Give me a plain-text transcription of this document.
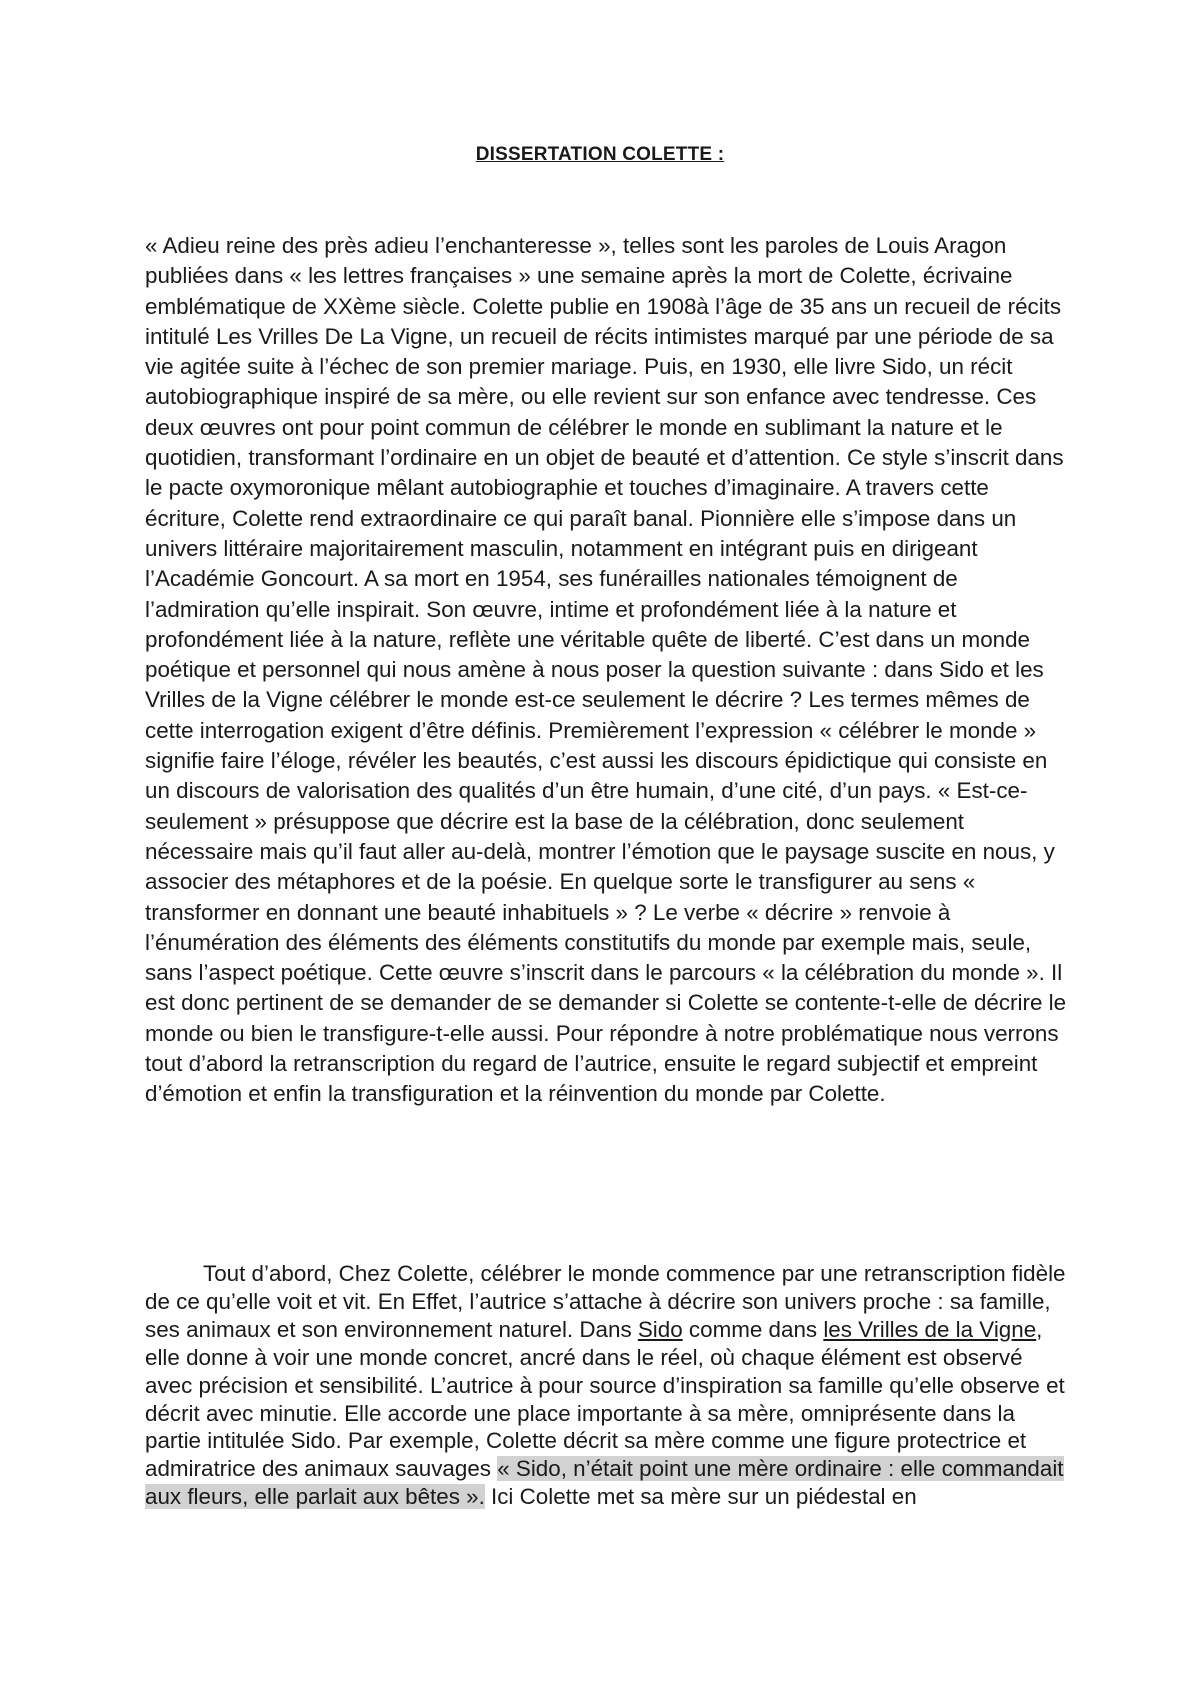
DISSERTATION COLETTE :

« Adieu reine des près adieu l’enchanteresse », telles sont les paroles de Louis Aragon publiées dans « les lettres françaises » une semaine après la mort de Colette, écrivaine emblématique de XXème siècle. Colette publie en 1908à l’âge de 35 ans un recueil de récits intitulé Les Vrilles De La Vigne, un recueil de récits intimistes marqué par une période de sa vie agitée suite à l’échec de son premier mariage. Puis, en 1930, elle livre Sido, un récit autobiographique inspiré de sa mère, ou elle revient sur son enfance avec tendresse. Ces deux œuvres ont pour point commun de célébrer le monde en sublimant la nature et le quotidien, transformant l’ordinaire en un objet de beauté et d’attention. Ce style s’inscrit dans le pacte oxymoronique mêlant autobiographie et touches d’imaginaire. A travers cette écriture, Colette rend extraordinaire ce qui paraît banal. Pionnière elle s’impose dans un univers littéraire majoritairement masculin, notamment en intégrant puis en dirigeant l’Académie Goncourt. A sa mort en 1954, ses funérailles nationales témoignent de l’admiration qu’elle inspirait. Son œuvre, intime et profondément liée à la nature et profondément liée à la nature, reflète une véritable quête de liberté. C’est dans un monde poétique et personnel qui nous amène à nous poser la question suivante : dans Sido et les Vrilles de la Vigne célébrer le monde est-ce seulement le décrire ? Les termes mêmes de cette interrogation exigent d’être définis. Premièrement l’expression « célébrer le monde » signifie faire l’éloge, révéler les beautés, c’est aussi les discours épidictique qui consiste en un discours de valorisation des qualités d’un être humain, d’une cité, d’un pays. « Est-ce-seulement » présuppose que décrire est la base de la célébration, donc seulement nécessaire mais qu’il faut aller au-delà, montrer l’émotion que le paysage suscite en nous, y associer des métaphores et de la poésie. En quelque sorte le transfigurer au sens « transformer en donnant une beauté inhabituels » ? Le verbe « décrire » renvoie à l’énumération des éléments des éléments constitutifs du monde par exemple mais, seule, sans l’aspect poétique. Cette œuvre s’inscrit dans le parcours « la célébration du monde ». Il est donc pertinent de se demander de se demander si Colette se contente-t-elle de décrire le monde ou bien le transfigure-t-elle aussi. Pour répondre à notre problématique nous verrons tout d’abord la retranscription du regard de l’autrice, ensuite le regard subjectif et empreint d’émotion et enfin la transfiguration et la réinvention du monde par Colette.

Tout d’abord, Chez Colette, célébrer le monde commence par une retranscription fidèle de ce qu’elle voit et vit. En Effet, l’autrice s’attache à décrire son univers proche : sa famille, ses animaux et son environnement naturel. Dans Sido comme dans les Vrilles de la Vigne, elle donne à voir une monde concret, ancré dans le réel, où chaque élément est observé avec précision et sensibilité. L’autrice à pour source d’inspiration sa famille qu’elle observe et décrit avec minutie. Elle accorde une place importante à sa mère, omniprésente dans la partie intitulée Sido. Par exemple, Colette décrit sa mère comme une figure protectrice et admiratrice des animaux sauvages « Sido, n’était point une mère ordinaire : elle commandait aux fleurs, elle parlait aux bêtes ». Ici Colette met sa mère sur un piédestal en
